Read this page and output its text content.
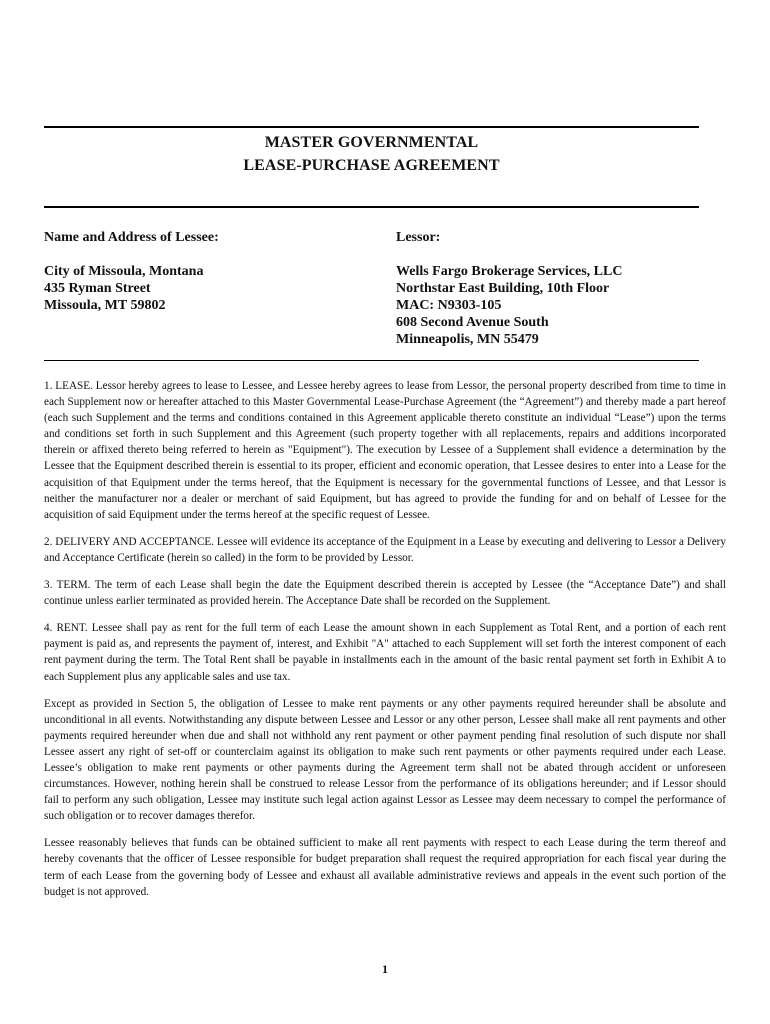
MASTER GOVERNMENTAL
LEASE-PURCHASE AGREEMENT
Name and Address of Lessee:
City of Missoula, Montana
435 Ryman Street
Missoula, MT 59802
Lessor:
Wells Fargo Brokerage Services, LLC
Northstar East Building, 10th Floor
MAC: N9303-105
608 Second Avenue South
Minneapolis, MN 55479

1. LEASE. Lessor hereby agrees to lease to Lessee, and Lessee hereby agrees to lease from Lessor, the personal property described from time to time in each Supplement now or hereafter attached to this Master Governmental Lease-Purchase Agreement (the “Agreement”) and thereby made a part hereof (each such Supplement and the terms and conditions contained in this Agreement applicable thereto constitute an individual “Lease”) upon the terms and conditions set forth in such Supplement and this Agreement (such property together with all replacements, repairs and additions incorporated therein or affixed thereto being referred to herein as "Equipment"). The execution by Lessee of a Supplement shall evidence a determination by the Lessee that the Equipment described therein is essential to its proper, efficient and economic operation, that Lessee desires to enter into a Lease for the acquisition of that Equipment under the terms hereof, that the Equipment is necessary for the governmental functions of Lessee, and that Lessor is neither the manufacturer nor a dealer or merchant of said Equipment, but has agreed to provide the funding for and on behalf of Lessee for the acquisition of said Equipment under the terms hereof at the specific request of Lessee.

2. DELIVERY AND ACCEPTANCE. Lessee will evidence its acceptance of the Equipment in a Lease by executing and delivering to Lessor a Delivery and Acceptance Certificate (herein so called) in the form to be provided by Lessor.

3. TERM. The term of each Lease shall begin the date the Equipment described therein is accepted by Lessee (the “Acceptance Date”) and shall continue unless earlier terminated as provided herein. The Acceptance Date shall be recorded on the Supplement.

4. RENT. Lessee shall pay as rent for the full term of each Lease the amount shown in each Supplement as Total Rent, and a portion of each rent payment is paid as, and represents the payment of, interest, and Exhibit "A" attached to each Supplement will set forth the interest component of each rent payment during the term. The Total Rent shall be payable in installments each in the amount of the basic rental payment set forth in Exhibit A to each Supplement plus any applicable sales and use tax.

Except as provided in Section 5, the obligation of Lessee to make rent payments or any other payments required hereunder shall be absolute and unconditional in all events. Notwithstanding any dispute between Lessee and Lessor or any other person, Lessee shall make all rent payments and other payments required hereunder when due and shall not withhold any rent payment or other payment pending final resolution of such dispute nor shall Lessee assert any right of set-off or counterclaim against its obligation to make such rent payments or other payments required under each Lease. Lessee’s obligation to make rent payments or other payments during the Agreement term shall not be abated through accident or unforeseen circumstances. However, nothing herein shall be construed to release Lessor from the performance of its obligations hereunder; and if Lessor should fail to perform any such obligation, Lessee may institute such legal action against Lessor as Lessee may deem necessary to compel the performance of such obligation or to recover damages therefor.

Lessee reasonably believes that funds can be obtained sufficient to make all rent payments with respect to each Lease during the term thereof and hereby covenants that the officer of Lessee responsible for budget preparation shall request the required appropriation for each fiscal year during the term of each Lease from the governing body of Lessee and exhaust all available administrative reviews and appeals in the event such portion of the budget is not approved.

1
